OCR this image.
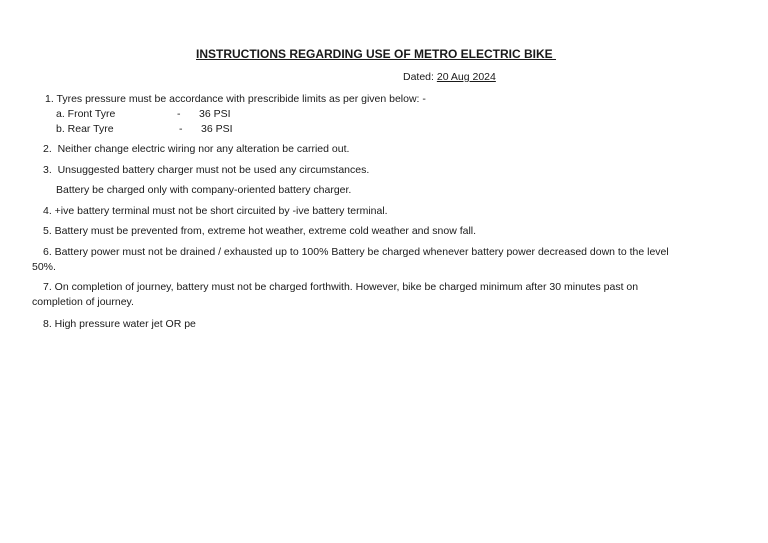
INSTRUCTIONS REGARDING USE OF METRO ELECTRIC BIKE
Dated: 20 Aug 2024
1. Tyres pressure must be accordance with prescribide limits as per given below: -
a. Front Tyre	- 36 PSI
b. Rear Tyre	- 36 PSI
2.  Neither change electric wiring nor any alteration be carried out.
3.  Unsuggested battery charger must not be used any circumstances.
Battery be charged only with company-oriented battery charger.
4. +ive battery terminal must not be short circuited by -ive battery terminal.
5. Battery must be prevented from, extreme hot weather, extreme cold weather and snow fall.
6. Battery power must not be drained / exhausted up to 100% Battery be charged whenever battery power decreased down to the level
50%.
7. On completion of journey, battery must not be charged forthwith. However, bike be charged minimum after 30 minutes past on
completion of journey.
8. High pressure water jet OR pe
